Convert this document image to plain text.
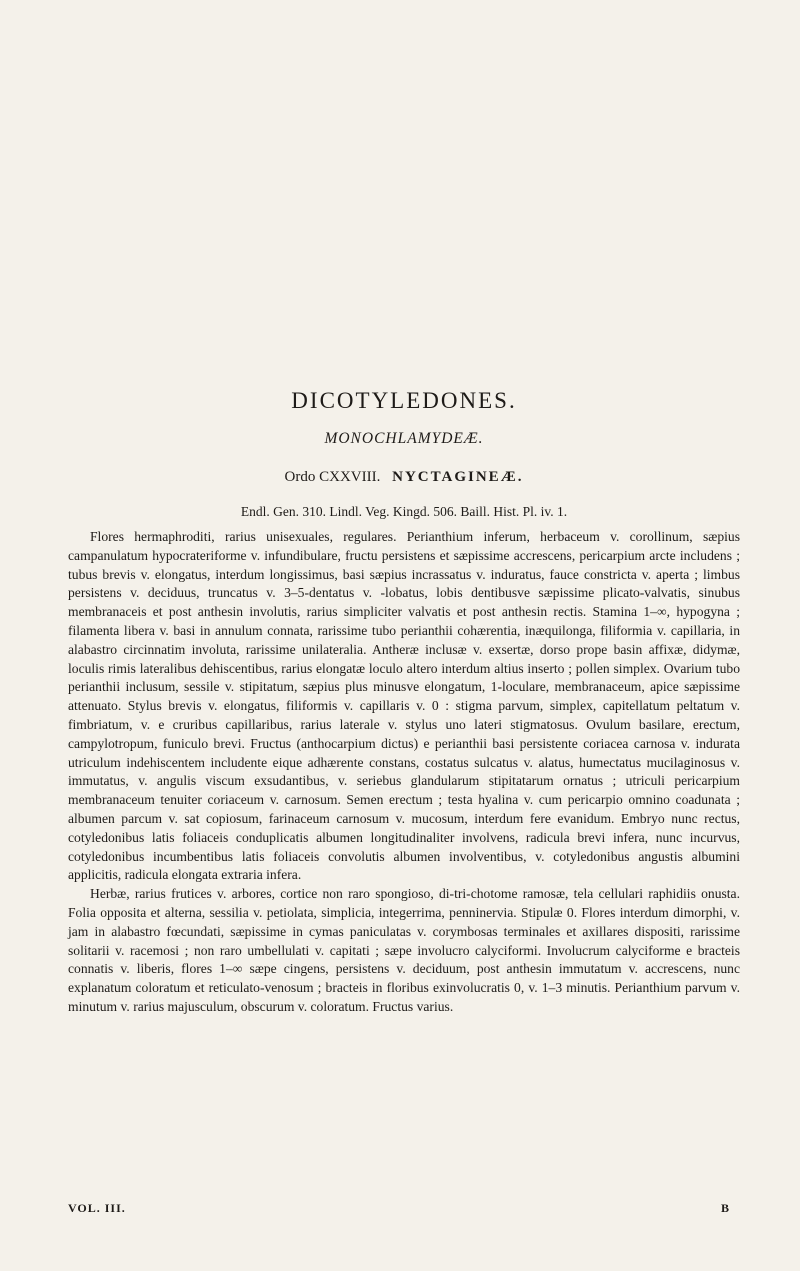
DICOTYLEDONES.
MONOCHLAMYDEÆ.
Ordo CXXVIII. NYCTAGINEÆ.
Endl. Gen. 310. Lindl. Veg. Kingd. 506. Baill. Hist. Pl. iv. 1.

Flores hermaphroditi, rarius unisexuales, regulares. Perianthium inferum, herbaceum v. corollinum, sæpius campanulatum hypocrateriforme v. infundibulare, fructu persistens et sæpissime accrescens, pericarpium arcte includens ; tubus brevis v. elongatus, interdum longissimus, basi sæpius incrassatus v. induratus, fauce constricta v. aperta ; limbus persistens v. deciduus, truncatus v. 3–5-dentatus v. -lobatus, lobis dentibusve sæpissime plicato-valvatis, sinubus membranaceis et post anthesin involutis, rarius simpliciter valvatis et post anthesin rectis. Stamina 1–∞, hypogyna ; filamenta libera v. basi in annulum connata, rarissime tubo perianthii cohærentia, inæquilonga, filiformia v. capillaria, in alabastro circinnatim involuta, rarissime unilateralia. Antheræ inclusæ v. exsertæ, dorso prope basin affixæ, didymæ, loculis rimis lateralibus dehiscentibus, rarius elongatæ loculo altero interdum altius inserto ; pollen simplex. Ovarium tubo perianthii inclusum, sessile v. stipitatum, sæpius plus minusve elongatum, 1-loculare, membranaceum, apice sæpissime attenuato. Stylus brevis v. elongatus, filiformis v. capillaris v. 0 : stigma parvum, simplex, capitellatum peltatum v. fimbriatum, v. e cruribus capillaribus, rarius laterale v. stylus uno lateri stigmatosus. Ovulum basilare, erectum, campylotropum, funiculo brevi. Fructus (anthocarpium dictus) e perianthii basi persistente coriacea carnosa v. indurata utriculum indehiscentem includente eique adhærente constans, costatus sulcatus v. alatus, humectatus mucilaginosus v. immutatus, v. angulis viscum exsudantibus, v. seriebus glandularum stipitatarum ornatus ; utriculi pericarpium membranaceum tenuiter coriaceum v. carnosum. Semen erectum ; testa hyalina v. cum pericarpio omnino coadunata ; albumen parcum v. sat copiosum, farinaceum carnosum v. mucosum, interdum fere evanidum. Embryo nunc rectus, cotyledonibus latis foliaceis conduplicatis albumen longitudinaliter involvens, radicula brevi infera, nunc incurvus, cotyledonibus incumbentibus latis foliaceis convolutis albumen involventibus, v. cotyledonibus angustis albumini applicitis, radicula elongata extraria infera.

Herbæ, rarius frutices v. arbores, cortice non raro spongioso, di-tri-chotome ramosæ, tela cellulari raphidiis onusta. Folia opposita et alterna, sessilia v. petiolata, simplicia, integerrima, penninervia. Stipulæ 0. Flores interdum dimorphi, v. jam in alabastro fœcundati, sæpissime in cymas paniculatas v. corymbosas terminales et axillares dispositi, rarissime solitarii v. racemosi ; non raro umbellulati v. capitati ; sæpe involucro calyciformi. Involucrum calyciforme e bracteis connatis v. liberis, flores 1–∞ sæpe cingens, persistens v. deciduum, post anthesin immutatum v. accrescens, nunc explanatum coloratum et reticulato-venosum ; bracteis in floribus exinvolucratis 0, v. 1–3 minutis. Perianthium parvum v. minutum v. rarius majusculum, obscurum v. coloratum. Fructus varius.

VOL. III.	B
